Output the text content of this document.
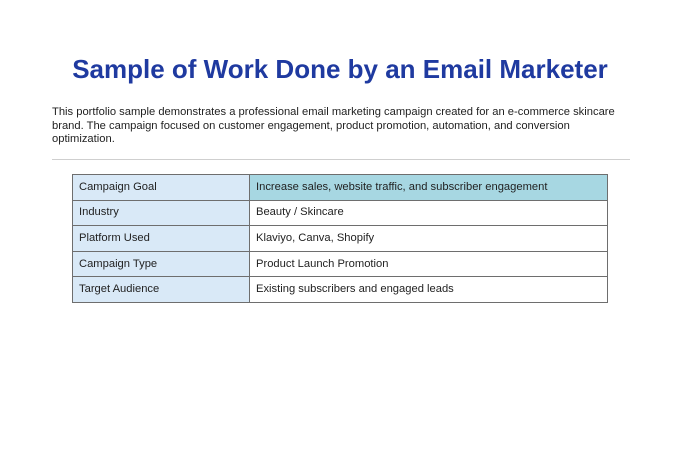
Sample of Work Done by an Email Marketer

This portfolio sample demonstrates a professional email marketing campaign created for an e-commerce skincare brand. The campaign focused on customer engagement, product promotion, automation, and conversion optimization.

Campaign Goal	Increase sales, website traffic, and subscriber engagement
Industry	Beauty / Skincare
Platform Used	Klaviyo, Canva, Shopify
Campaign Type	Product Launch Promotion
Target Audience	Existing subscribers and engaged leads
